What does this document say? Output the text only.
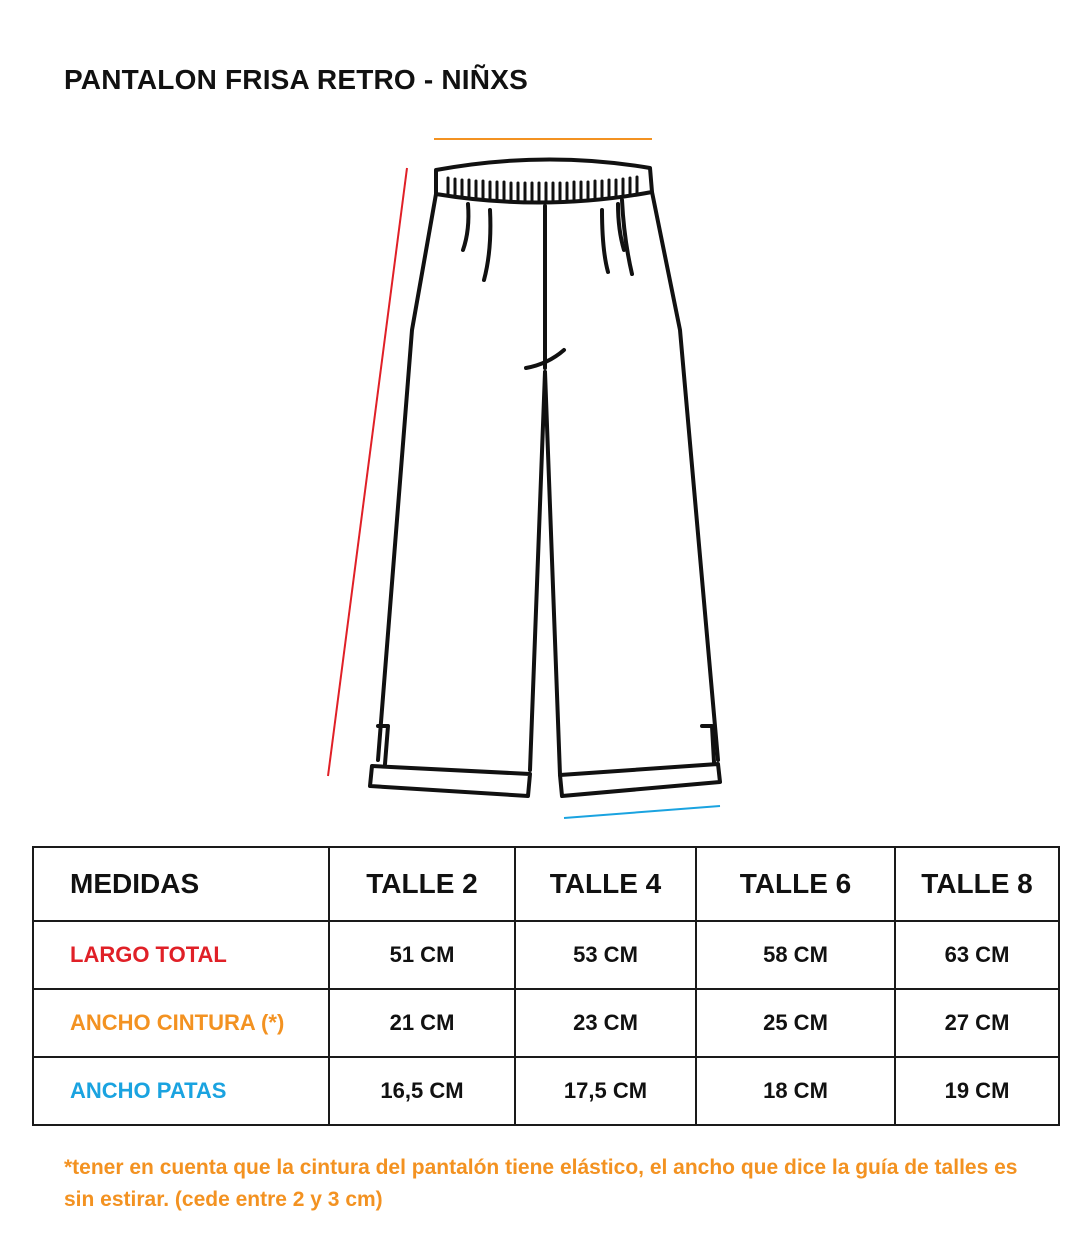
PANTALON FRISA RETRO - NIÑXS
MEDIDAS	TALLE 2	TALLE 4	TALLE 6	TALLE 8
LARGO TOTAL	51 CM	53 CM	58 CM	63 CM
ANCHO CINTURA (*)	21 CM	23 CM	25 CM	27 CM
ANCHO PATAS	16,5 CM	17,5 CM	18 CM	19 CM
*tener en cuenta que la cintura del pantalón tiene elástico, el ancho que dice la guía de talles es sin estirar. (cede entre 2 y 3 cm)
